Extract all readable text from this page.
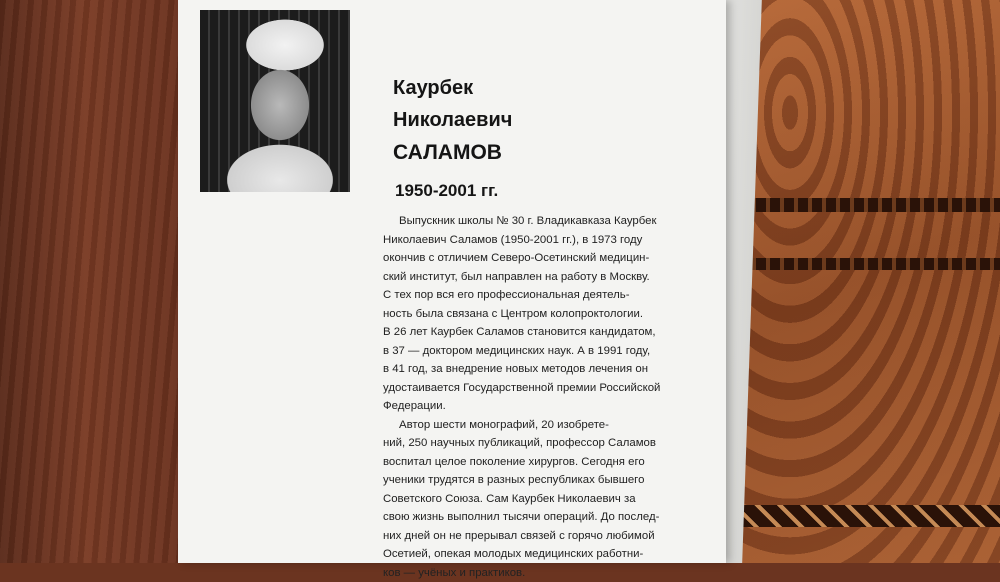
Каурбек
Николаевич
САЛАМОВ
1950-2001 гг.
Выпускник школы № 30 г. Владикавказа Каурбек
Николаевич Саламов (1950-2001 гг.), в 1973 году
окончив с отличием Северо-Осетинский медицин-
ский институт, был направлен на работу в Москву.
С тех пор вся его профессиональная деятель-
ность была связана с Центром колопроктологии.
В 26 лет Каурбек Саламов становится кандидатом,
в 37 — доктором медицинских наук. А в 1991 году,
в 41 год, за внедрение новых методов лечения он
удостаивается Государственной премии Российской
Федерации.
Автор шести монографий, 20 изобрете-
ний, 250 научных публикаций, профессор Саламов
воспитал целое поколение хирургов. Сегодня его
ученики трудятся в разных республиках бывшего
Советского Союза. Сам Каурбек Николаевич за
свою жизнь выполнил тысячи операций. До послед-
них дней он не прерывал связей с горячо любимой
Осетией, опекая молодых медицинских работни-
ков — учёных и практиков.
